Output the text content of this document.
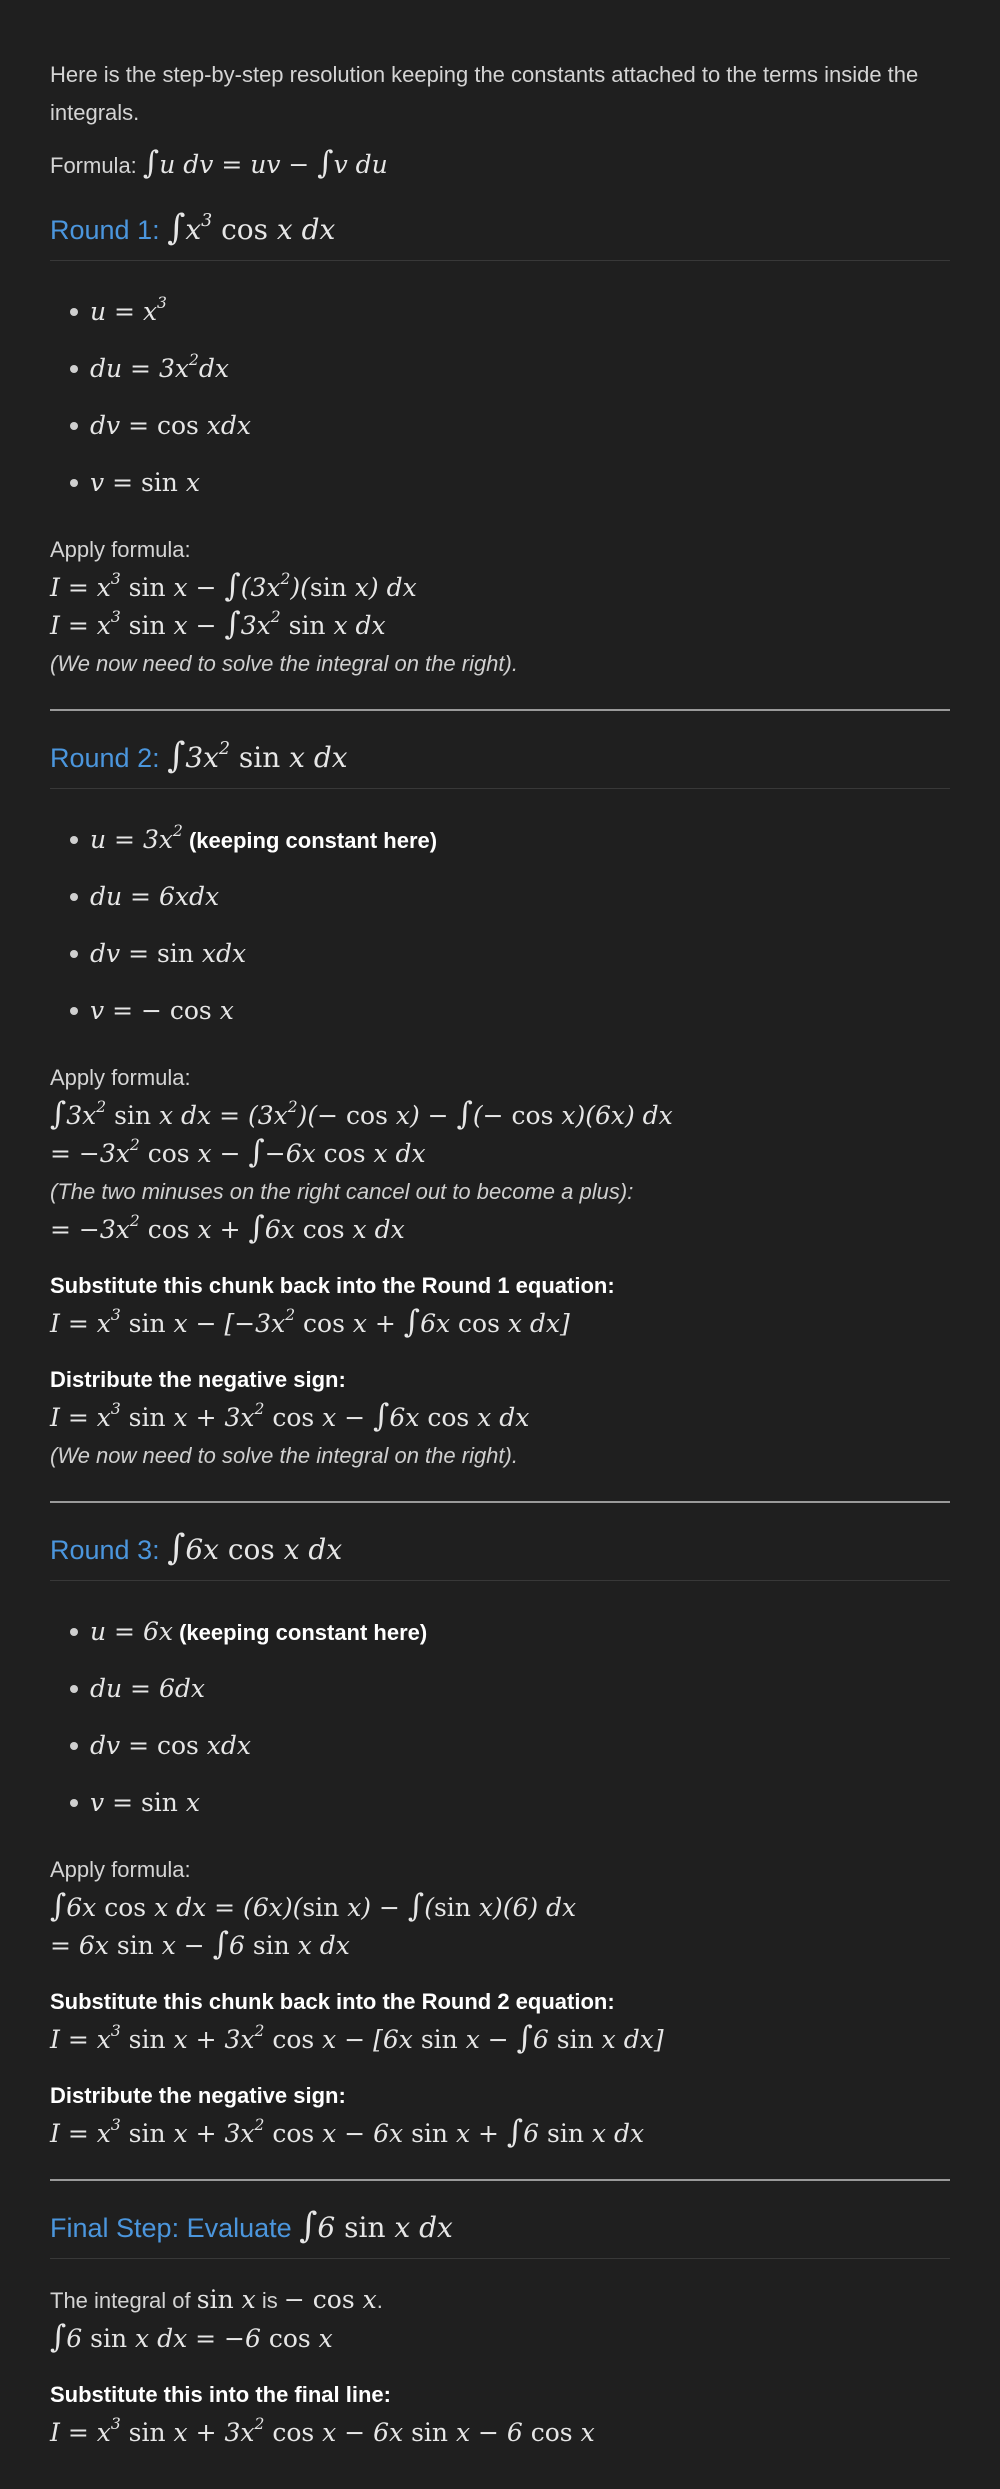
Here is the step-by-step resolution keeping the constants attached to the terms inside the integrals.

Formula: ∫u dv = uv − ∫v du

Round 1: $\int x^3$ cos x dx
$u = x^3$
du = $3x^2dx$
dv = cos xdx
v = sin x

Apply formula:

$I = x^3$ $\sin x - \int(3x^2)(\sin$ x) dx

$I = x^3$ $\sin x - \int 3x^2$ sin x dx

(We now need to solve the integral on the right).

Round 2: $\int 3x^2$ sin x dx
$u = 3x^2$ (keeping constant here)
du = 6xdx
dv = sin xdx
v = − cos x

Apply formula:

$\int 3x^2$ sin x dx = $(3x^2)(- \cos x)$ − ∫(− cos x)(6x) dx

= $-3x^2$ cos x − ∫−6x cos x dx

(The two minuses on the right cancel out to become a plus):

= $-3x^2$ cos x + ∫6x cos x dx

Substitute this chunk back into the Round 1 equation:

$I = x^3$ $\sin x - [-3x^2$ cos x + ∫6x cos x dx]

Distribute the negative sign:

$I = x^3$ $\sin x + 3x^2$ cos x − ∫6x cos x dx

(We now need to solve the integral on the right).

Round 3: ∫6x cos x dx
u = 6x (keeping constant here)
du = 6dx
dv = cos xdx
v = sin x

Apply formula:

∫6x cos x dx = (6x)(sin x) − ∫(sin x)(6) dx

= 6x sin x − ∫6 sin x dx

Substitute this chunk back into the Round 2 equation:

$I = x^3$ $\sin x + 3x^2$ cos x − [6x sin x − ∫6 sin x dx]

Distribute the negative sign:

$I = x^3$ $\sin x + 3x^2$ cos x − 6x sin x + ∫6 sin x dx

Final Step: Evaluate ∫6 sin x dx

The integral of sin x is − cos x.

∫6 sin x dx = −6 cos x

Substitute this into the final line:

$I = x^3$ $\sin x + 3x^2$ cos x − 6x sin x − 6 cos x
